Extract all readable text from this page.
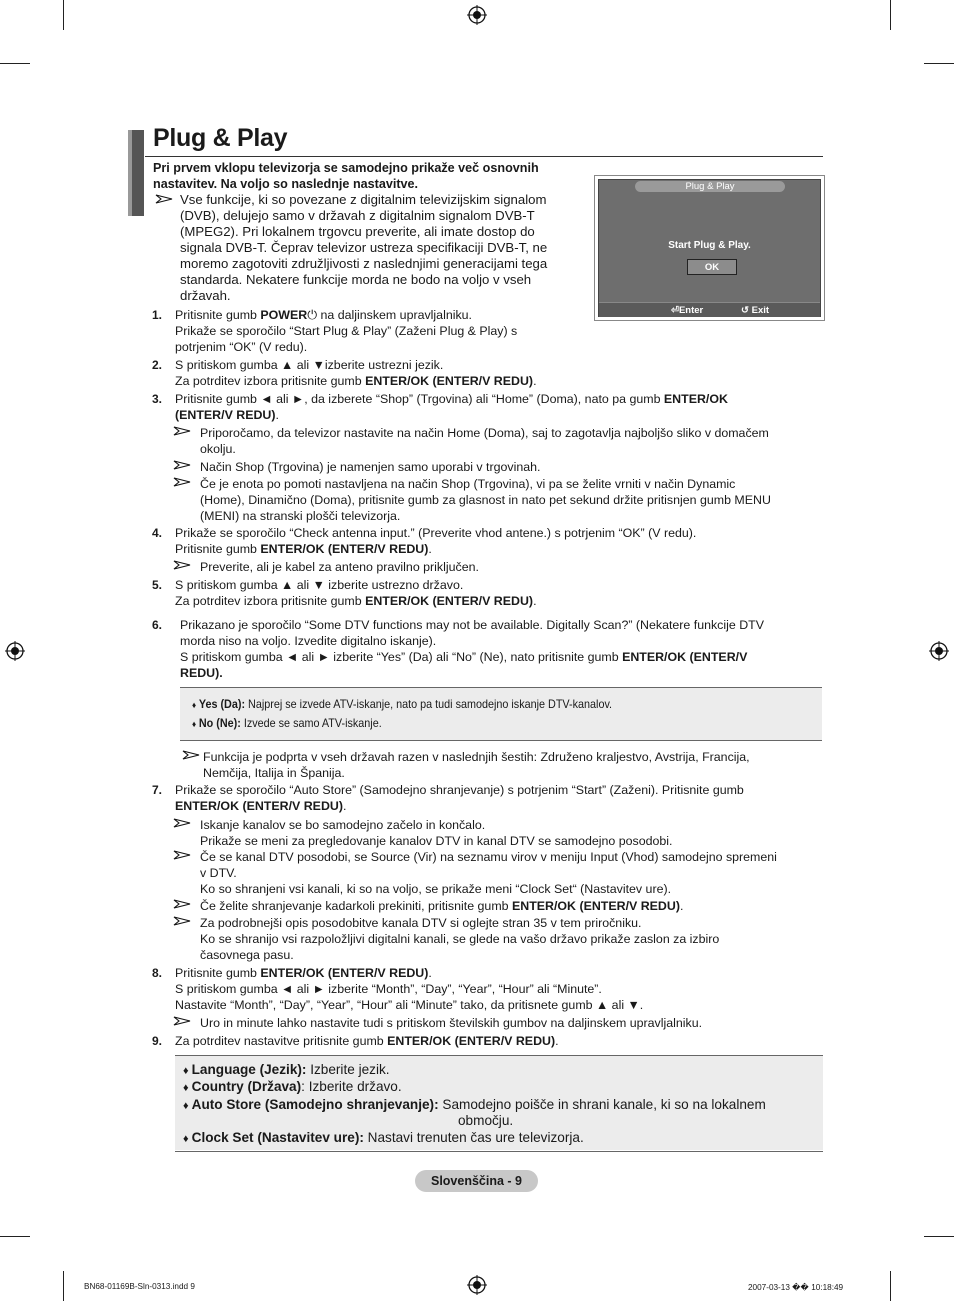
Plug & Play
Pri prvem vklopu televizorja se samodejno prikaže več osnovnih
nastavitev. Na voljo so naslednje nastavitve.
Vse funkcije, ki so povezane z digitalnim televizijskim signalom
(DVB), delujejo samo v državah z digitalnim signalom DVB-T
(MPEG2). Pri lokalnem trgovcu preverite, ali imate dostop do
signala DVB-T. Čeprav televizor ustreza specifikaciji DVB-T, ne
moremo zagotoviti združljivosti z naslednjimi generacijami tega
standarda. Nekatere funkcije morda ne bodo na voljo v vseh
državah.
Plug & Play
Start Plug & Play.
OK
⏎Enter	↺ Exit
1. Pritisnite gumb POWER⏻ na daljinskem upravljalniku.
Prikaže se sporočilo “Start Plug & Play” (Zaženi Plug & Play) s
potrjenim “OK” (V redu).
2. S pritiskom gumba ▲ ali ▼izberite ustrezni jezik.
Za potrditev izbora pritisnite gumb ENTER/OK (ENTER/V REDU).
3. Pritisnite gumb ◄ ali ►, da izberete “Shop” (Trgovina) ali “Home” (Doma), nato pa gumb ENTER/OK
(ENTER/V REDU).
Priporočamo, da televizor nastavite na način Home (Doma), saj to zagotavlja najboljšo sliko v domačem
okolju.
Način Shop (Trgovina) je namenjen samo uporabi v trgovinah.
Če je enota po pomoti nastavljena na način Shop (Trgovina), vi pa se želite vrniti v način Dynamic
(Home), Dinamično (Doma), pritisnite gumb za glasnost in nato pet sekund držite pritisnjen gumb MENU
(MENI) na stranski plošči televizorja.
4. Prikaže se sporočilo “Check antenna input.” (Preverite vhod antene.) s potrjenim “OK” (V redu).
Pritisnite gumb ENTER/OK (ENTER/V REDU).
Preverite, ali je kabel za anteno pravilno priključen.
5. S pritiskom gumba ▲ ali ▼ izberite ustrezno državo.
Za potrditev izbora pritisnite gumb ENTER/OK (ENTER/V REDU).
6. Prikazano je sporočilo “Some DTV functions may not be available. Digitally Scan?” (Nekatere funkcije DTV
morda niso na voljo. Izvedite digitalno iskanje).
S pritiskom gumba ◄ ali ► izberite “Yes” (Da) ali “No” (Ne), nato pritisnite gumb ENTER/OK (ENTER/V
REDU).
♦ Yes (Da): Najprej se izvede ATV-iskanje, nato pa tudi samodejno iskanje DTV-kanalov.
♦ No (Ne): Izvede se samo ATV-iskanje.
Funkcija je podprta v vseh državah razen v naslednjih šestih: Združeno kraljestvo, Avstrija, Francija,
Nemčija, Italija in Španija.
7. Prikaže se sporočilo “Auto Store” (Samodejno shranjevanje) s potrjenim “Start” (Zaženi). Pritisnite gumb
ENTER/OK (ENTER/V REDU).
Iskanje kanalov se bo samodejno začelo in končalo.
Prikaže se meni za pregledovanje kanalov DTV in kanal DTV se samodejno posodobi.
Če se kanal DTV posodobi, se Source (Vir) na seznamu virov v meniju Input (Vhod) samodejno spremeni
v DTV.
Ko so shranjeni vsi kanali, ki so na voljo, se prikaže meni “Clock Set“ (Nastavitev ure).
Če želite shranjevanje kadarkoli prekiniti, pritisnite gumb ENTER/OK (ENTER/V REDU).
Za podrobnejši opis posodobitve kanala DTV si oglejte stran 35 v tem priročniku.
Ko se shranijo vsi razpoložljivi digitalni kanali, se glede na vašo državo prikaže zaslon za izbiro
časovnega pasu.
8. Pritisnite gumb ENTER/OK (ENTER/V REDU).
S pritiskom gumba ◄ ali ► izberite “Month”, “Day”, “Year”, “Hour” ali “Minute”.
Nastavite “Month”, “Day”, “Year”, “Hour” ali “Minute” tako, da pritisnete gumb ▲ ali ▼.
Uro in minute lahko nastavite tudi s pritiskom številskih gumbov na daljinskem upravljalniku.
9. Za potrditev nastavitve pritisnite gumb ENTER/OK (ENTER/V REDU).
♦ Language (Jezik): Izberite jezik.
♦ Country (Država): Izberite državo.
♦ Auto Store (Samodejno shranjevanje): Samodejno poišče in shrani kanale, ki so na lokalnem
območju.
♦ Clock Set (Nastavitev ure): Nastavi trenuten čas ure televizorja.
Slovenščina - 9
BN68-01169B-Sln-0313.indd 9	2007-03-13 �� 10:18:49
